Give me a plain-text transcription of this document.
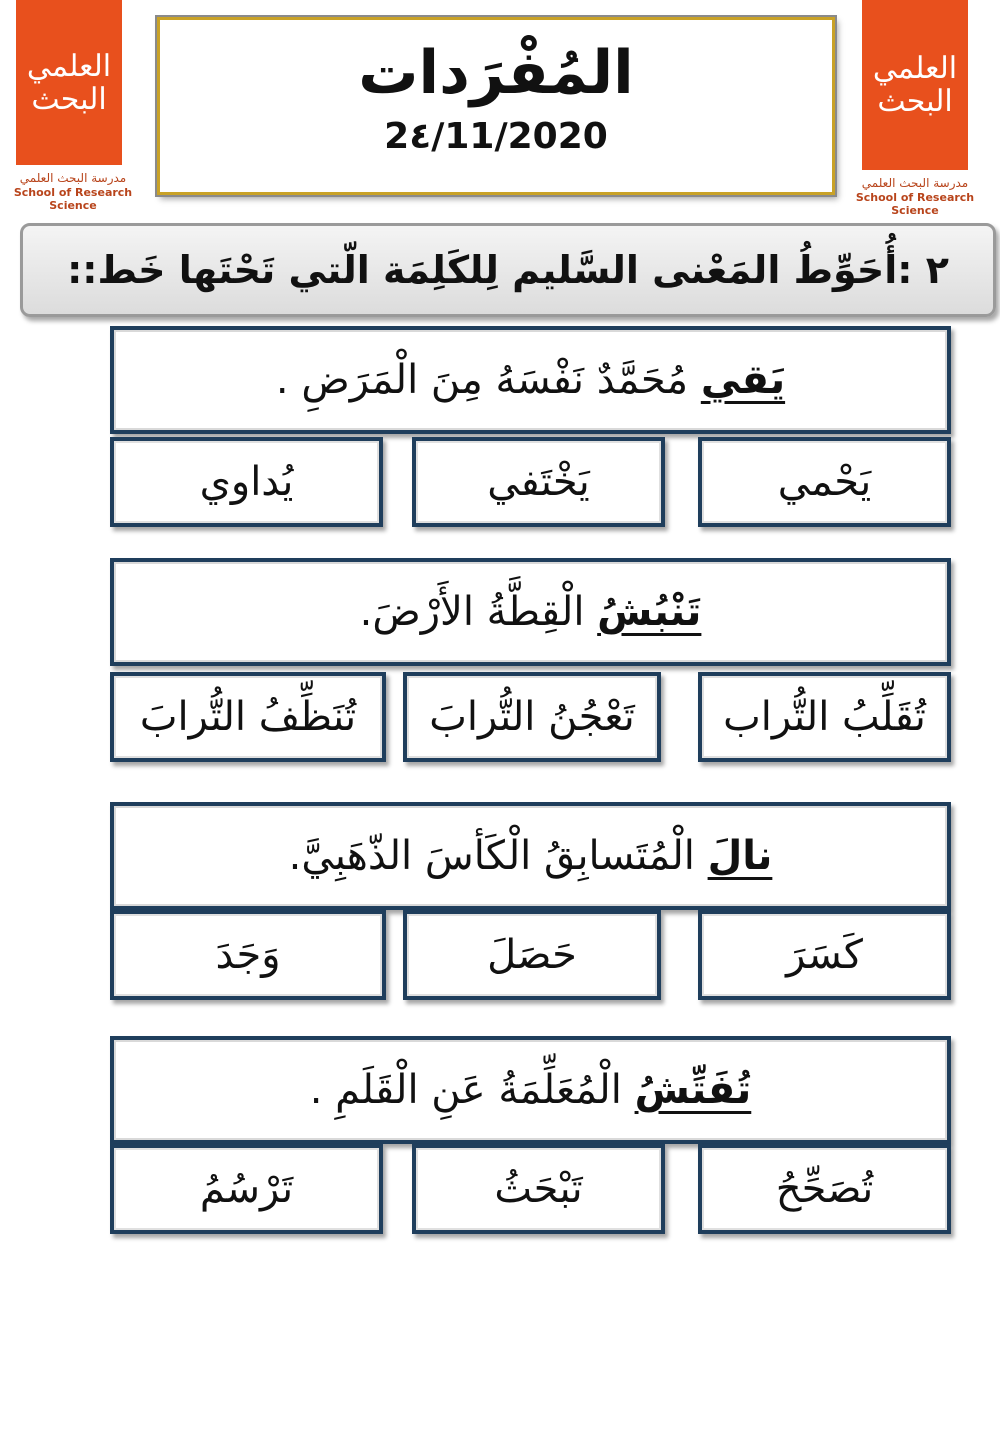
العلمي البحث
مدرسة البحث العلمي
School of Research Science
المُفْرَدات
2٤/11/2020
العلمي البحث
مدرسة البحث العلمي
School of Research Science
٢ :أُحَوِّطُ المَعْنى السَّليم لِلكَلِمَة الّتي تَحْتَها خَط::
يَقي مُحَمَّدٌ نَفْسَهُ مِنَ الْمَرَضِ .
يَحْمي
يَخْتَفي
يُداوي
تَنْبُشُ الْقِطَّةُ الأَرْضَ.
تُقَلِّبُ التُّراب
تَعْجُنُ التُّرابَ
تُنَظِّفُ التُّرابَ
نالَ الْمُتَسابِقُ الْكَأسَ الذّهَبِيَّ.
كَسَرَ
حَصَلَ
وَجَدَ
تُفَتِّشُ الْمُعَلِّمَةُ عَنِ الْقَلَمِ .
تُصَحِّحُ
تَبْحَثُ
تَرْسُمُ
